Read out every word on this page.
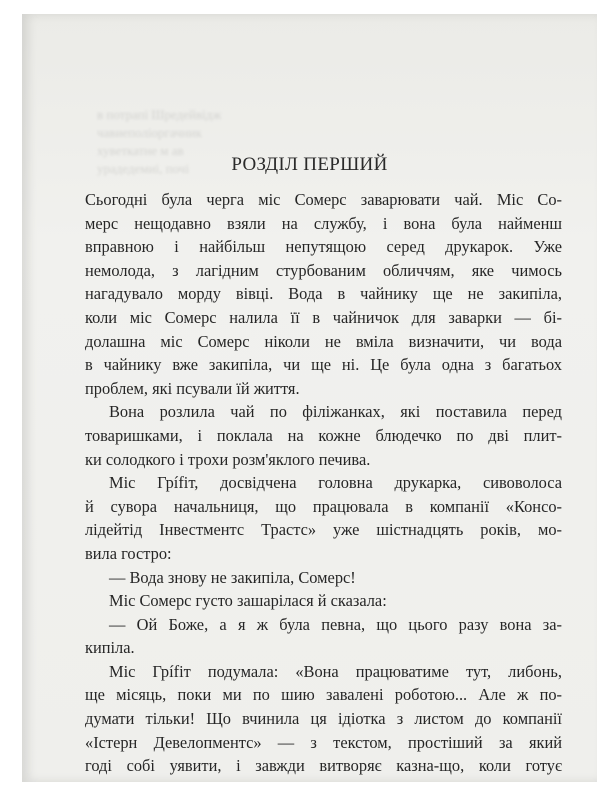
в потрапі Шредейвідж
чавиеполіоргачник
хуветкатне м ав
урадедемиі, почі	РОЗДІЛ ПЕРШИЙ
Сьогодні була черга міс Сомерс заварювати чай. Міс Со-
мерс нещодавно взяли на службу, і вона була найменш
вправною і найбільш непутящою серед друкарок. Уже
немолода, з лагідним стурбованим обличчям, яке чимось
нагадувало морду вівці. Вода в чайнику ще не закипіла,
коли міс Сомерс налила її в чайничок для заварки — бі-
долашна міс Сомерс ніколи не вміла визначити, чи вода
в чайнику вже закипіла, чи ще ні. Це була одна з багатьох
проблем, які псували їй життя.
Вона розлила чай по філіжанках, які поставила перед
товаришками, і поклала на кожне блюдечко по дві плит-
ки солодкого і трохи розм'яклого печива.
Міс Грífіт, досвідчена головна друкарка, сивоволоса
й сувора начальниця, що працювала в компанії «Консо-
лідейтід Інвестментс Трастс» уже шістнадцять років, мо-
вила гостро:
— Вода знову не закипіла, Сомерс!
Міс Сомерс густо зашарілася й сказала:
— Ой Боже, а я ж була певна, що цього разу вона за-
кипіла.
Міс Грífіт подумала: «Вона працюватиме тут, либонь,
ще місяць, поки ми по шию завалені роботою... Але ж по-
думати тільки! Що вчинила ця ідіотка з листом до компанії
«Істерн Девелопментс» — з текстом, простіший за який
годі собі уявити, і завжди витворяє казна-що, коли готує
